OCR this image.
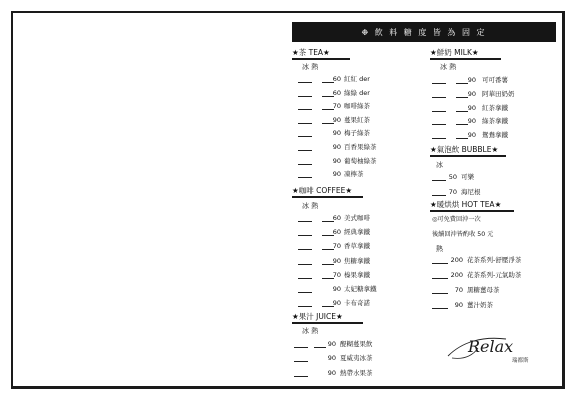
❉ 飲 料 糖 度 皆 為 固 定
★茶 TEA★
冰 熱
60 紅紅 der
60 綠綠 der
70 咖啡綠茶
90 蔓果紅茶
90 梅子綠茶
90 百香果綠茶
90 葡萄柚綠茶
90 凍檸茶
★咖啡 COFFEE★
冰 熱
60 美式咖啡
60 經典拿鐵
70 香草拿鐵
90 焦糖拿鐵
70 榛果拿鐵
90 太妃糖拿鐵
90 卡布奇諾
★果汁 JUICE★
冰 熱
90 醍糊蔓果飲
90 夏威夷冰茶
90 熱帶水果茶
★鮮奶 MILK★
冰 熱
90 可可番薯
90 阿華田奶奶
90 紅茶拿鐵
90 綠茶拿鐵
90 鴛鴦拿鐵
★氣泡飲 BUBBLE★
冰
50 可樂
70 海尼根
★暖烘烘 HOT TEA★
◎可免費回沖一次
後續回沖皆酌收 50 元
熱
200 花茶系列-舒壓淨茶
200 花茶系列-元氣助茶
70 黑糖薑母茶
90 薑汁奶茶
Relax
瑞都斯
